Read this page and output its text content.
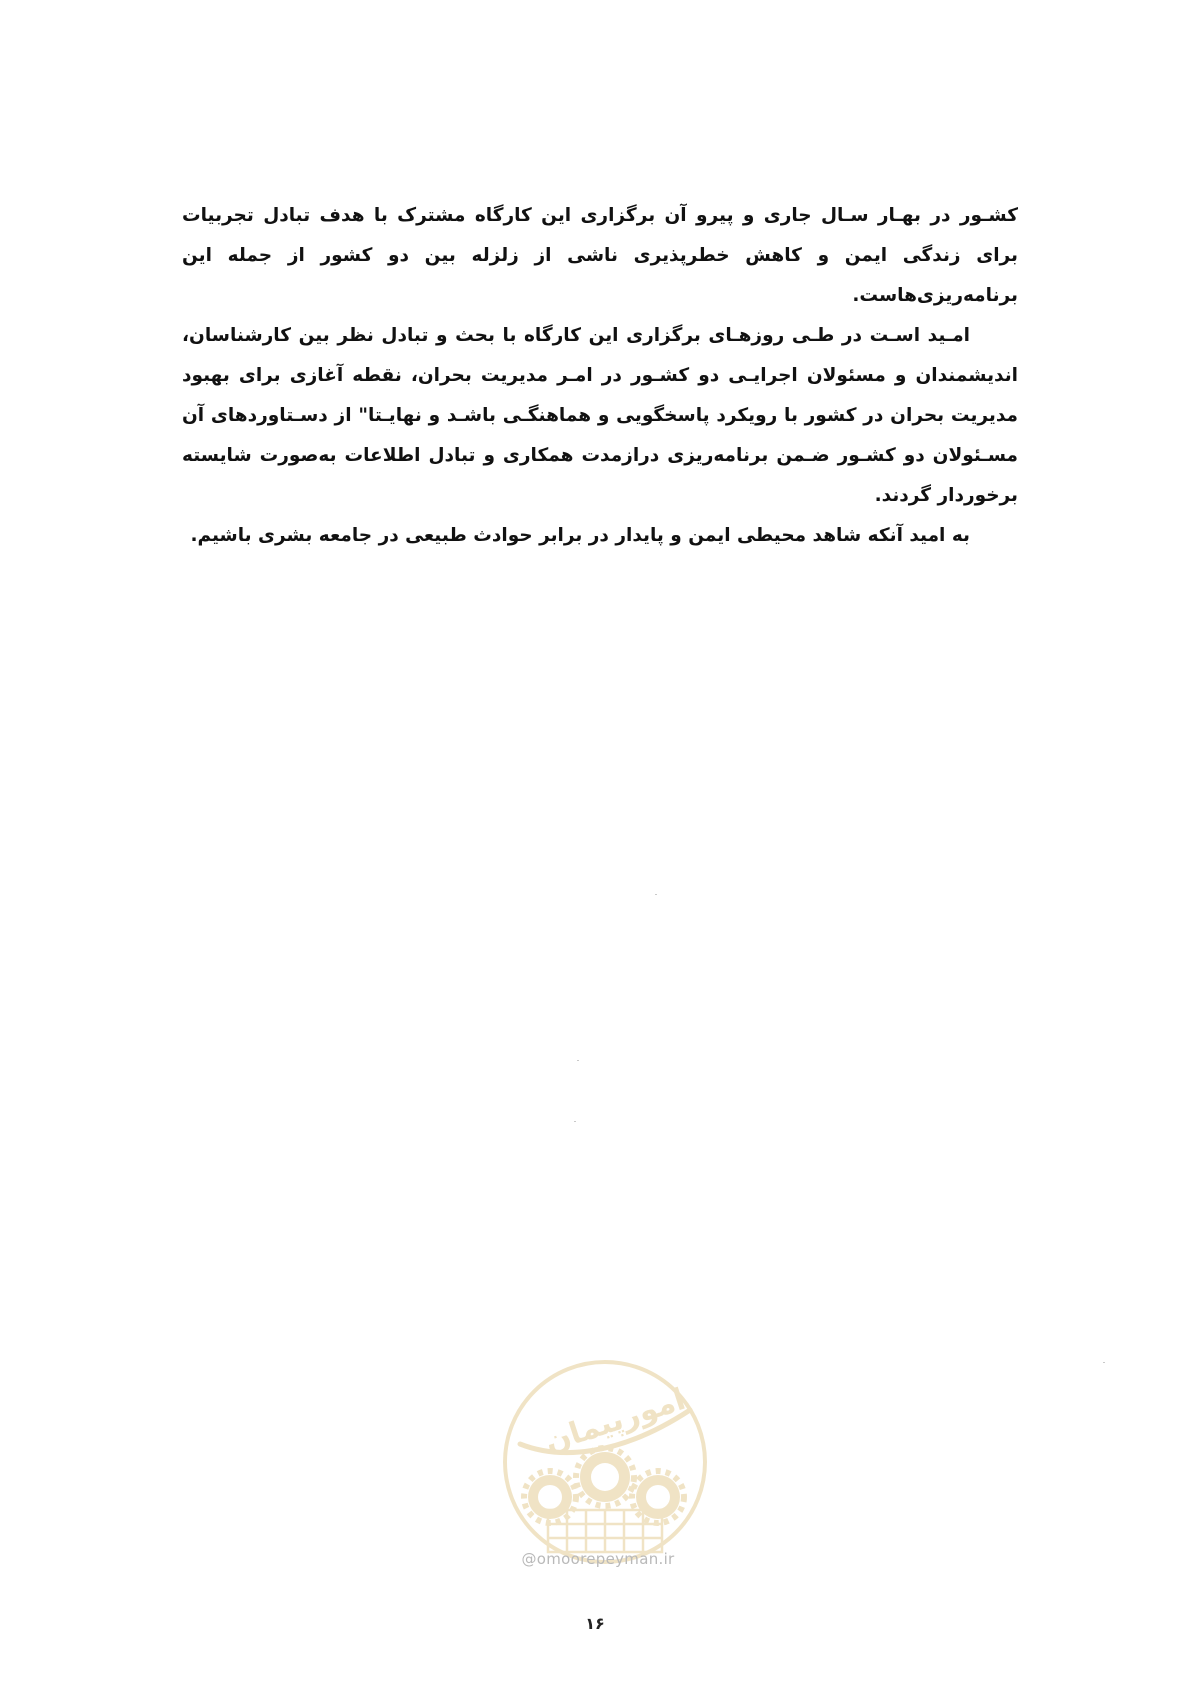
کشـور در بهـار سـال جاری و پیرو آن برگزاری این کارگاه مشترک با هدف تبادل تجربیات برای زندگی ایمن و کاهش خطرپذیری ناشی از زلزله بین دو کشور از جمله این برنامه‌ریزی‌هاست.

امـید اسـت در طـی روزهـای برگزاری این کارگاه با بحث و تبادل نظر بین کارشناسان، اندیشمندان و مسئولان اجرایـی دو کشـور در امـر مدیریت بحران، نقطه آغازی برای بهبود مدیریت بحران در کشور با رویکرد پاسخگویی و هماهنگـی باشـد و نهایـتا" از دسـتاوردهای آن مسـئولان دو کشـور ضـمن برنامه‌ریزی درازمدت همکاری و تبادل اطلاعات به‌صورت شایسته برخوردار گردند.

به امید آنکه شاهد محیطی ایمن و پایدار در برابر حوادث طبیعی در جامعه بشری باشیم.

امورپیمان
@omoorepeyman.ir
۱۶
